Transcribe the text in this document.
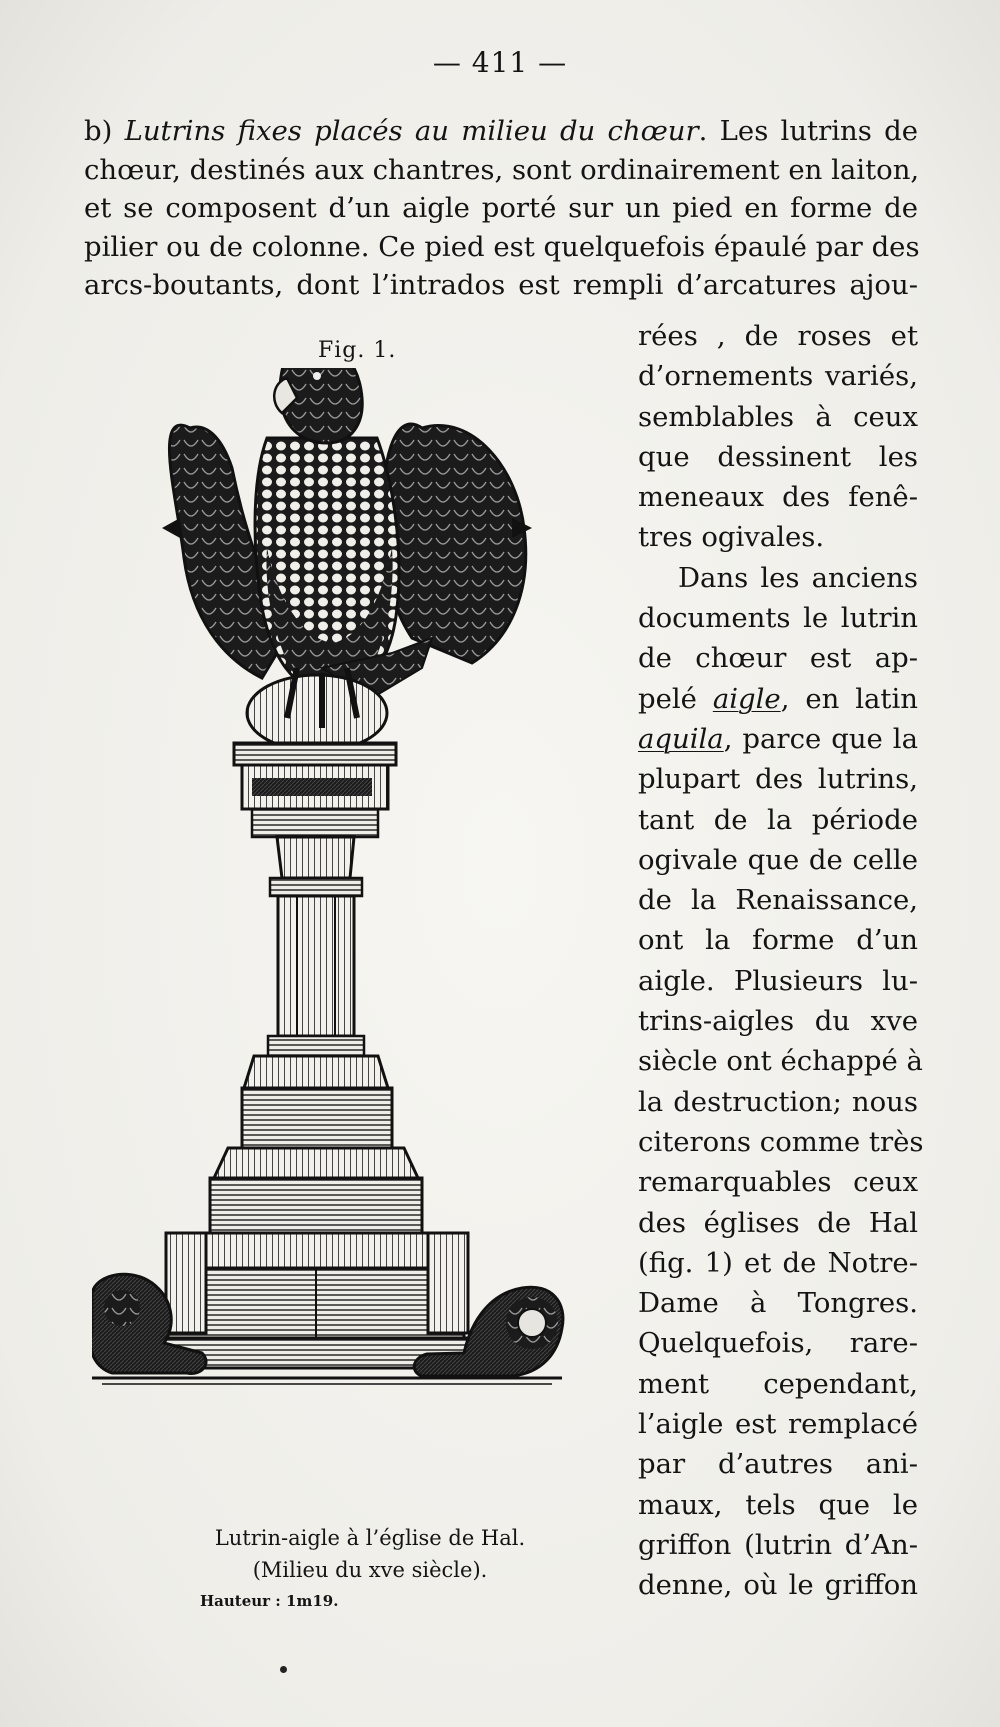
— 411 —
b) Lutrins fixes placés au milieu du chœur. Les lutrins de
chœur, destinés aux chantres, sont ordinairement en laiton,
et se composent d’un aigle porté sur un pied en forme de
pilier ou de colonne. Ce pied est quelquefois épaulé par des
arcs-boutants, dont l’intrados est rempli d’arcatures ajou-
Fig. 1.
Lutrin-aigle à l’église de Hal.
(Milieu du xve siècle).
Hauteur : 1m19.
rées , de roses et
d’ornements variés,
semblables à ceux
que dessinent les
meneaux des fenê-
tres ogivales.
Dans les anciens
documents le lutrin
de chœur est ap-
pelé aigle, en latin
aquila, parce que la
plupart des lutrins,
tant de la période
ogivale que de celle
de la Renaissance,
ont la forme d’un
aigle. Plusieurs lu-
trins-aigles du xve
siècle ont échappé à
la destruction; nous
citerons comme très
remarquables ceux
des églises de Hal
(fig. 1) et de Notre-
Dame à Tongres.
Quelquefois, rare-
ment cependant,
l’aigle est remplacé
par d’autres ani-
maux, tels que le
griffon (lutrin d’An-
denne, où le griffon
